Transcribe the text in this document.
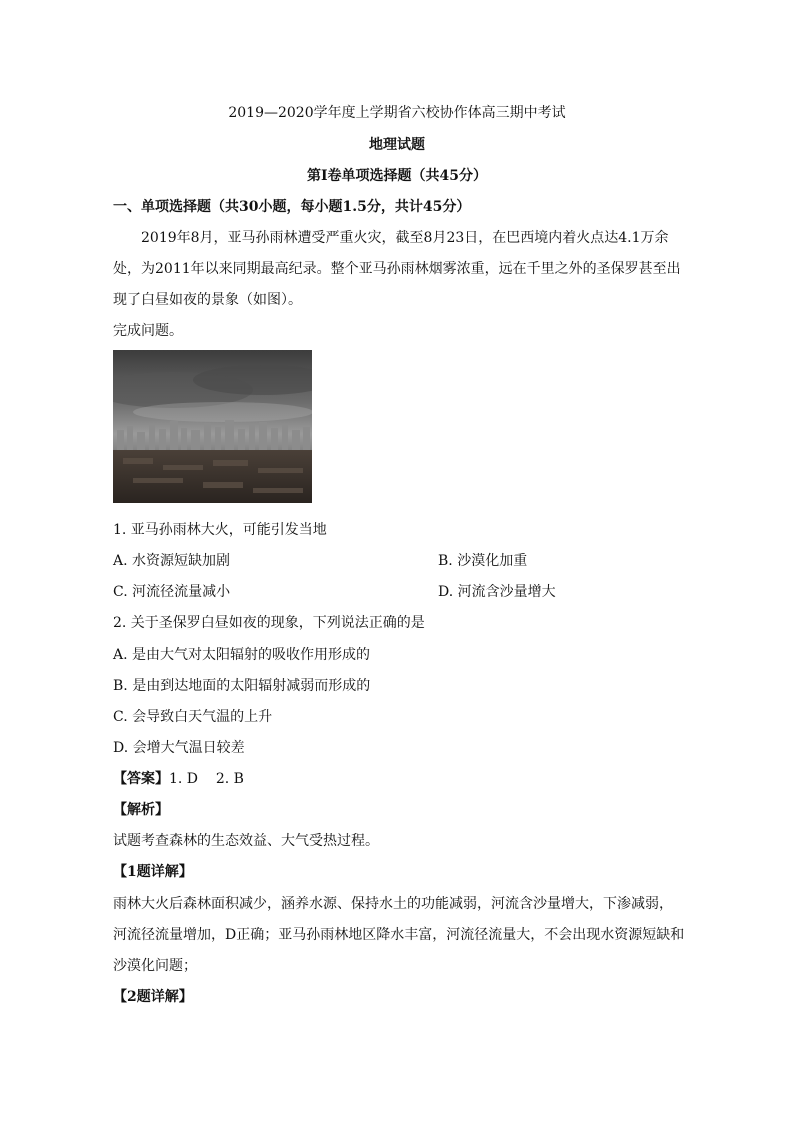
2019—2020学年度上学期省六校协作体高三期中考试
地理试题
第Ⅰ卷单项选择题（共45分）
一、单项选择题（共30小题，每小题1.5分，共计45分）
2019年8月，亚马孙雨林遭受严重火灾，截至8月23日，在巴西境内着火点达4.1万余
处，为2011年以来同期最高纪录。整个亚马孙雨林烟雾浓重，远在千里之外的圣保罗甚至出
现了白昼如夜的景象（如图）。
完成问题。
1. 亚马孙雨林大火，可能引发当地
A. 水资源短缺加剧	B. 沙漠化加重
C. 河流径流量减小	D. 河流含沙量增大
2. 关于圣保罗白昼如夜的现象，下列说法正确的是
A. 是由大气对太阳辐射的吸收作用形成的
B. 是由到达地面的太阳辐射减弱而形成的
C. 会导致白天气温的上升
D. 会增大气温日较差
【答案】1. D    2. B
【解析】
试题考查森林的生态效益、大气受热过程。
【1题详解】
雨林大火后森林面积减少，涵养水源、保持水土的功能减弱，河流含沙量增大，下渗减弱，
河流径流量增加，D正确；亚马孙雨林地区降水丰富，河流径流量大，不会出现水资源短缺和
沙漠化问题；
【2题详解】
